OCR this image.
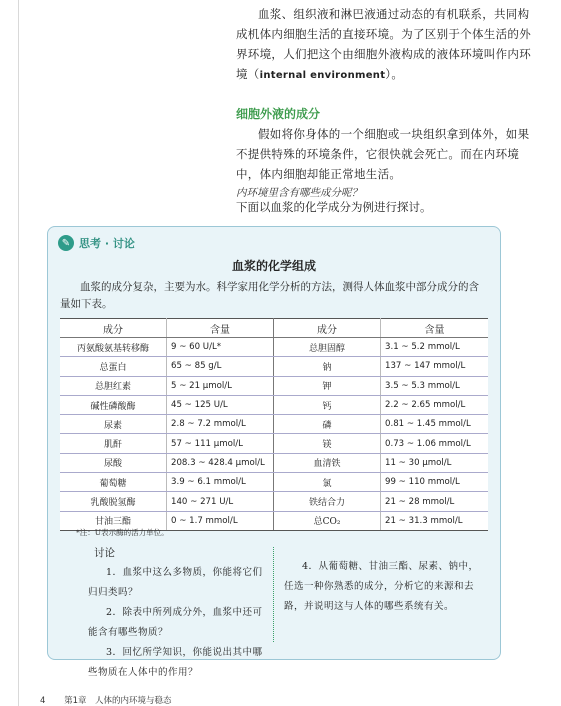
血浆、组织液和淋巴液通过动态的有机联系，共同构成机体内细胞生活的直接环境。为了区别于个体生活的外界环境，人们把这个由细胞外液构成的液体环境叫作内环境（internal environment）。
细胞外液的成分
假如将你身体的一个细胞或一块组织拿到体外，如果不提供特殊的环境条件，它很快就会死亡。而在内环境中，体内细胞却能正常地生活。
内环境里含有哪些成分呢？
下面以血浆的化学成分为例进行探讨。
✎ 思考 · 讨论
血浆的化学组成
血浆的成分复杂，主要为水。科学家用化学分析的方法，测得人体血浆中部分成分的含量如下表。
成分	含量	成分	含量
丙氨酸氨基转移酶	9 ~ 60 U/L*	总胆固醇	3.1 ~ 5.2 mmol/L
总蛋白	65 ~ 85 g/L	钠	137 ~ 147 mmol/L
总胆红素	5 ~ 21 μmol/L	钾	3.5 ~ 5.3 mmol/L
碱性磷酸酶	45 ~ 125 U/L	钙	2.2 ~ 2.65 mmol/L
尿素	2.8 ~ 7.2 mmol/L	磷	0.81 ~ 1.45 mmol/L
肌酐	57 ~ 111 μmol/L	镁	0.73 ~ 1.06 mmol/L
尿酸	208.3 ~ 428.4 μmol/L	血清铁	11 ~ 30 μmol/L
葡萄糖	3.9 ~ 6.1 mmol/L	氯	99 ~ 110 mmol/L
乳酸脱氢酶	140 ~ 271 U/L	铁结合力	21 ~ 28 mmol/L
甘油三酯	0 ~ 1.7 mmol/L	总CO₂	21 ~ 31.3 mmol/L
*注：U表示酶的活力单位。
讨论

1．血浆中这么多物质，你能将它们归归类吗？

2．除表中所列成分外，血浆中还可能含有哪些物质？

3．回忆所学知识，你能说出其中哪些物质在人体中的作用？

4．从葡萄糖、甘油三酯、尿素、钠中，任选一种你熟悉的成分，分析它的来源和去路，并说明这与人体的哪些系统有关。

4 第1章　人体的内环境与稳态
